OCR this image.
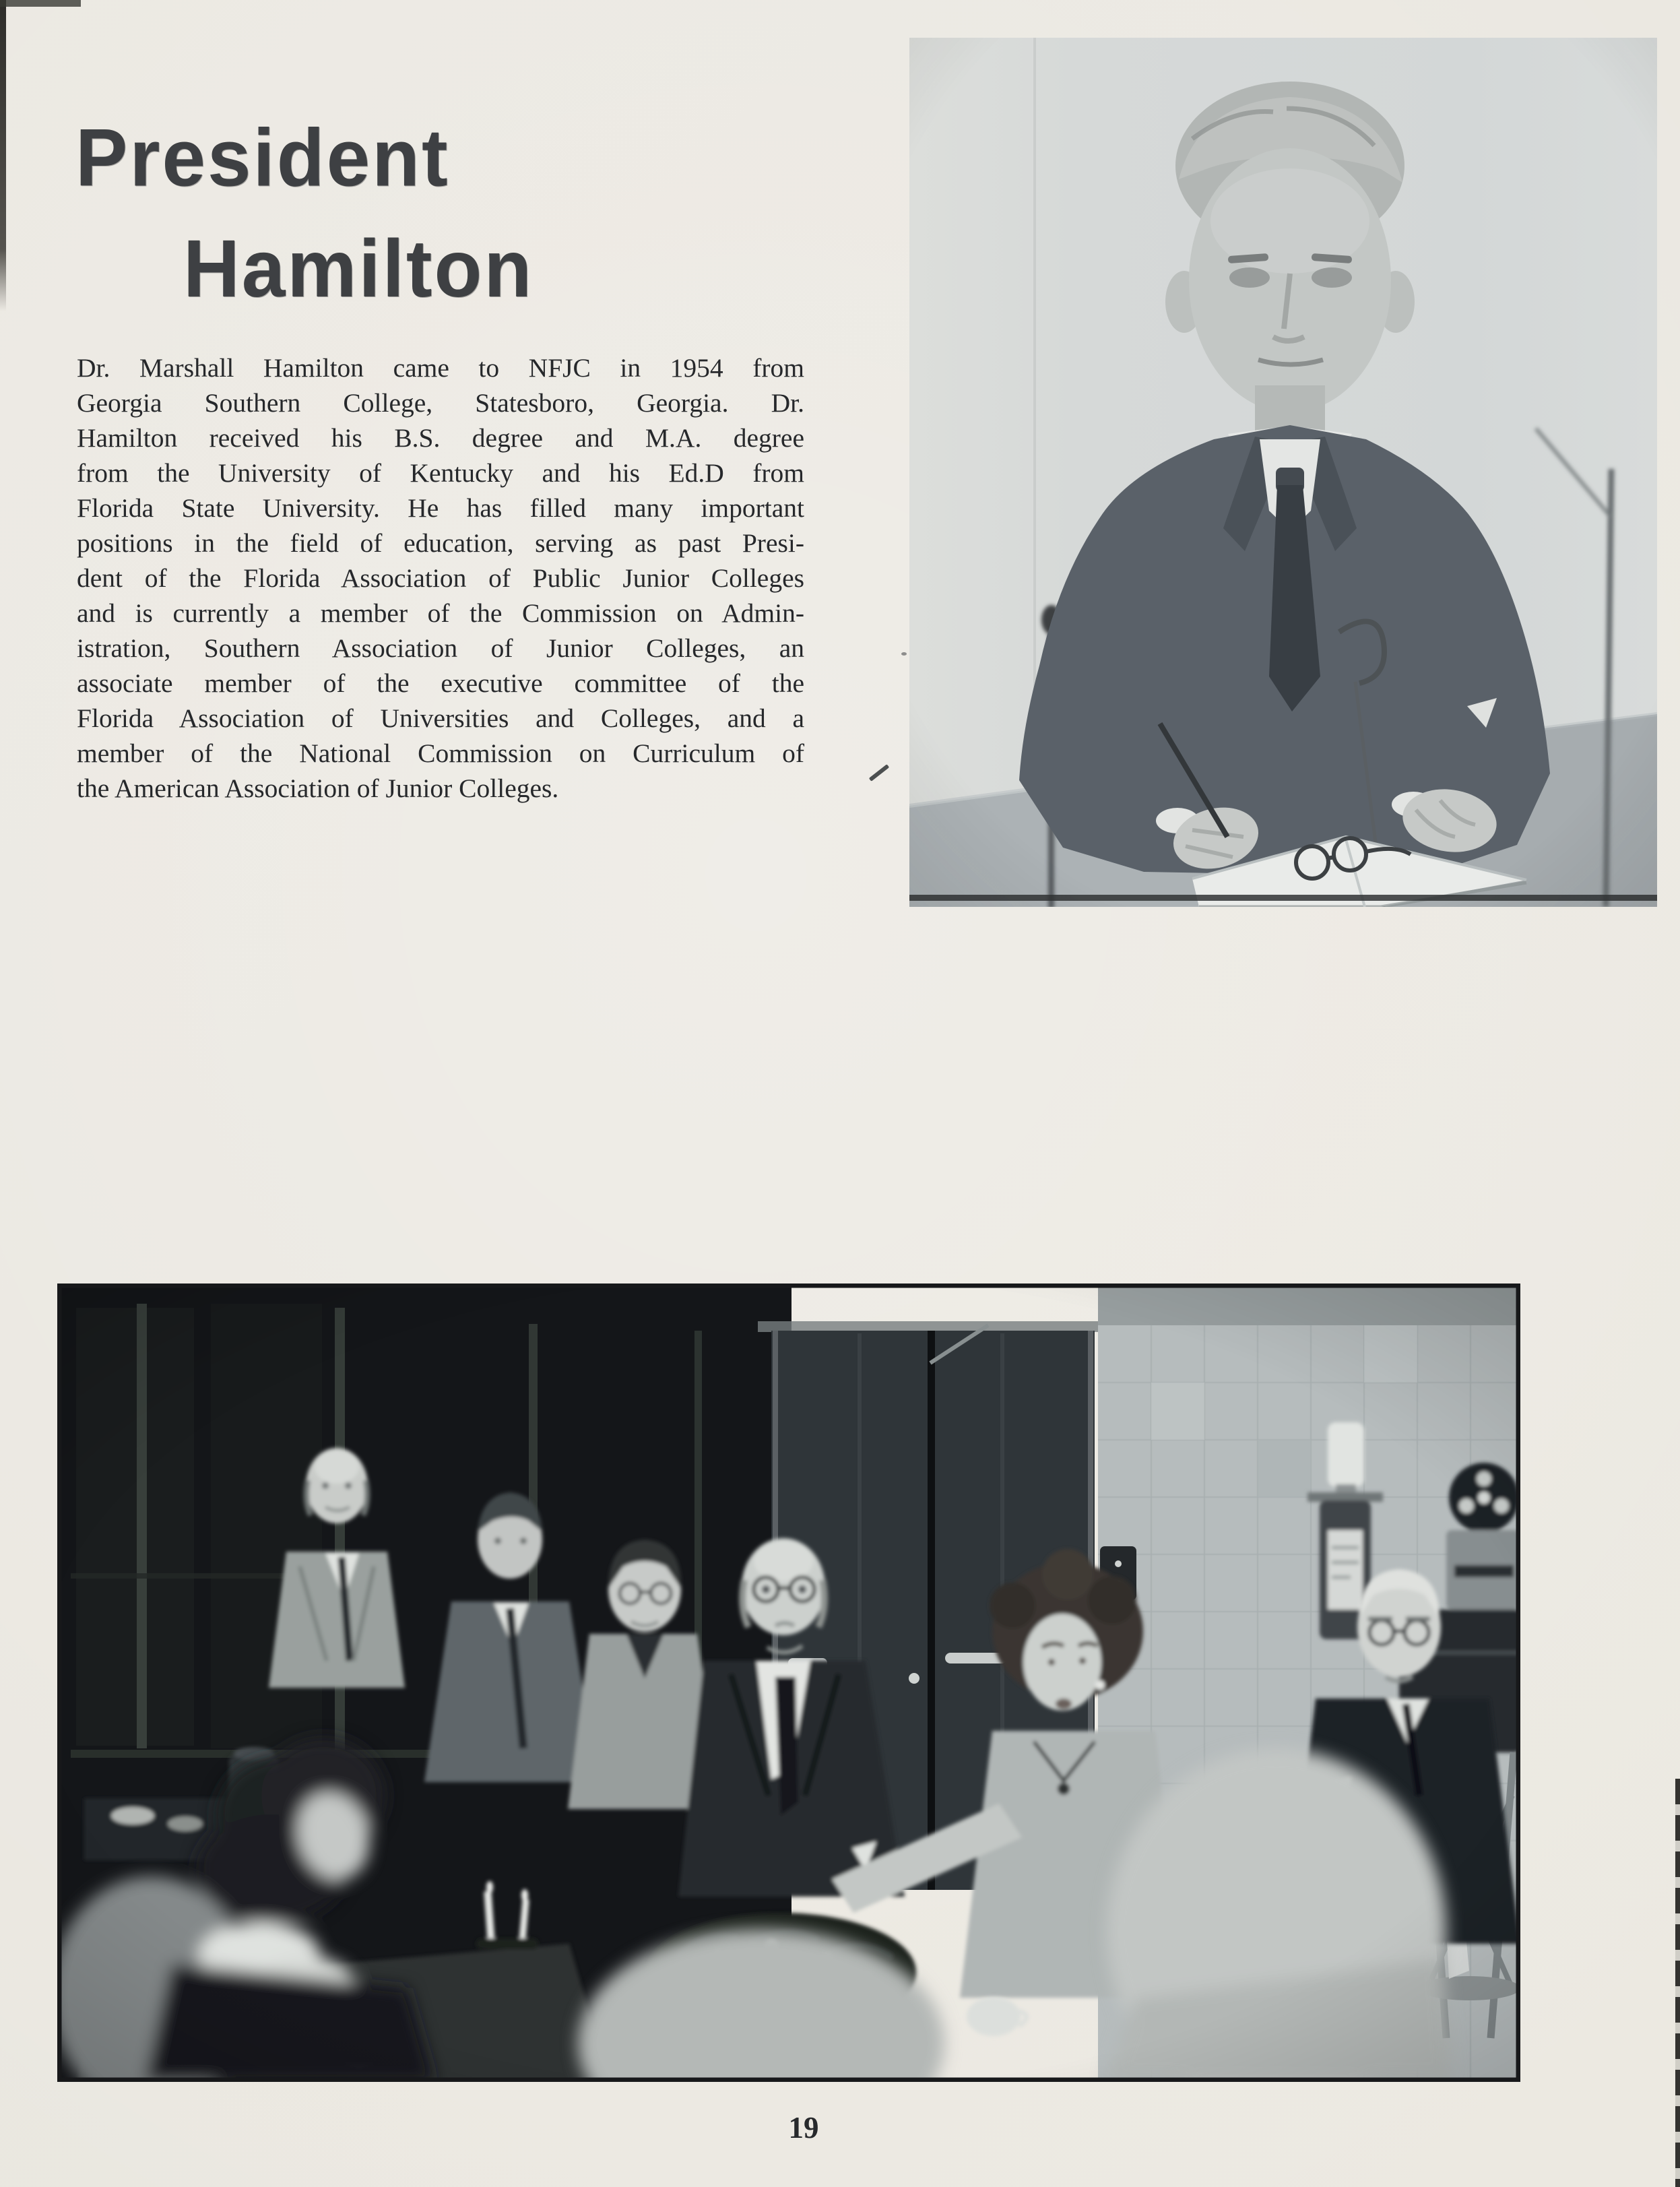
President
Hamilton
Dr. Marshall Hamilton came to NFJC in 1954 from
Georgia Southern College, Statesboro, Georgia. Dr.
Hamilton received his B.S. degree and M.A. degree
from the University of Kentucky and his Ed.D from
Florida State University. He has filled many important
positions in the field of education, serving as past Presi-
dent of the Florida Association of Public Junior Colleges
and is currently a member of the Commission on Admin-
istration, Southern Association of Junior Colleges, an
associate member of the executive committee of the
Florida Association of Universities and Colleges, and a
member of the National Commission on Curriculum of
the American Association of Junior Colleges.
19
